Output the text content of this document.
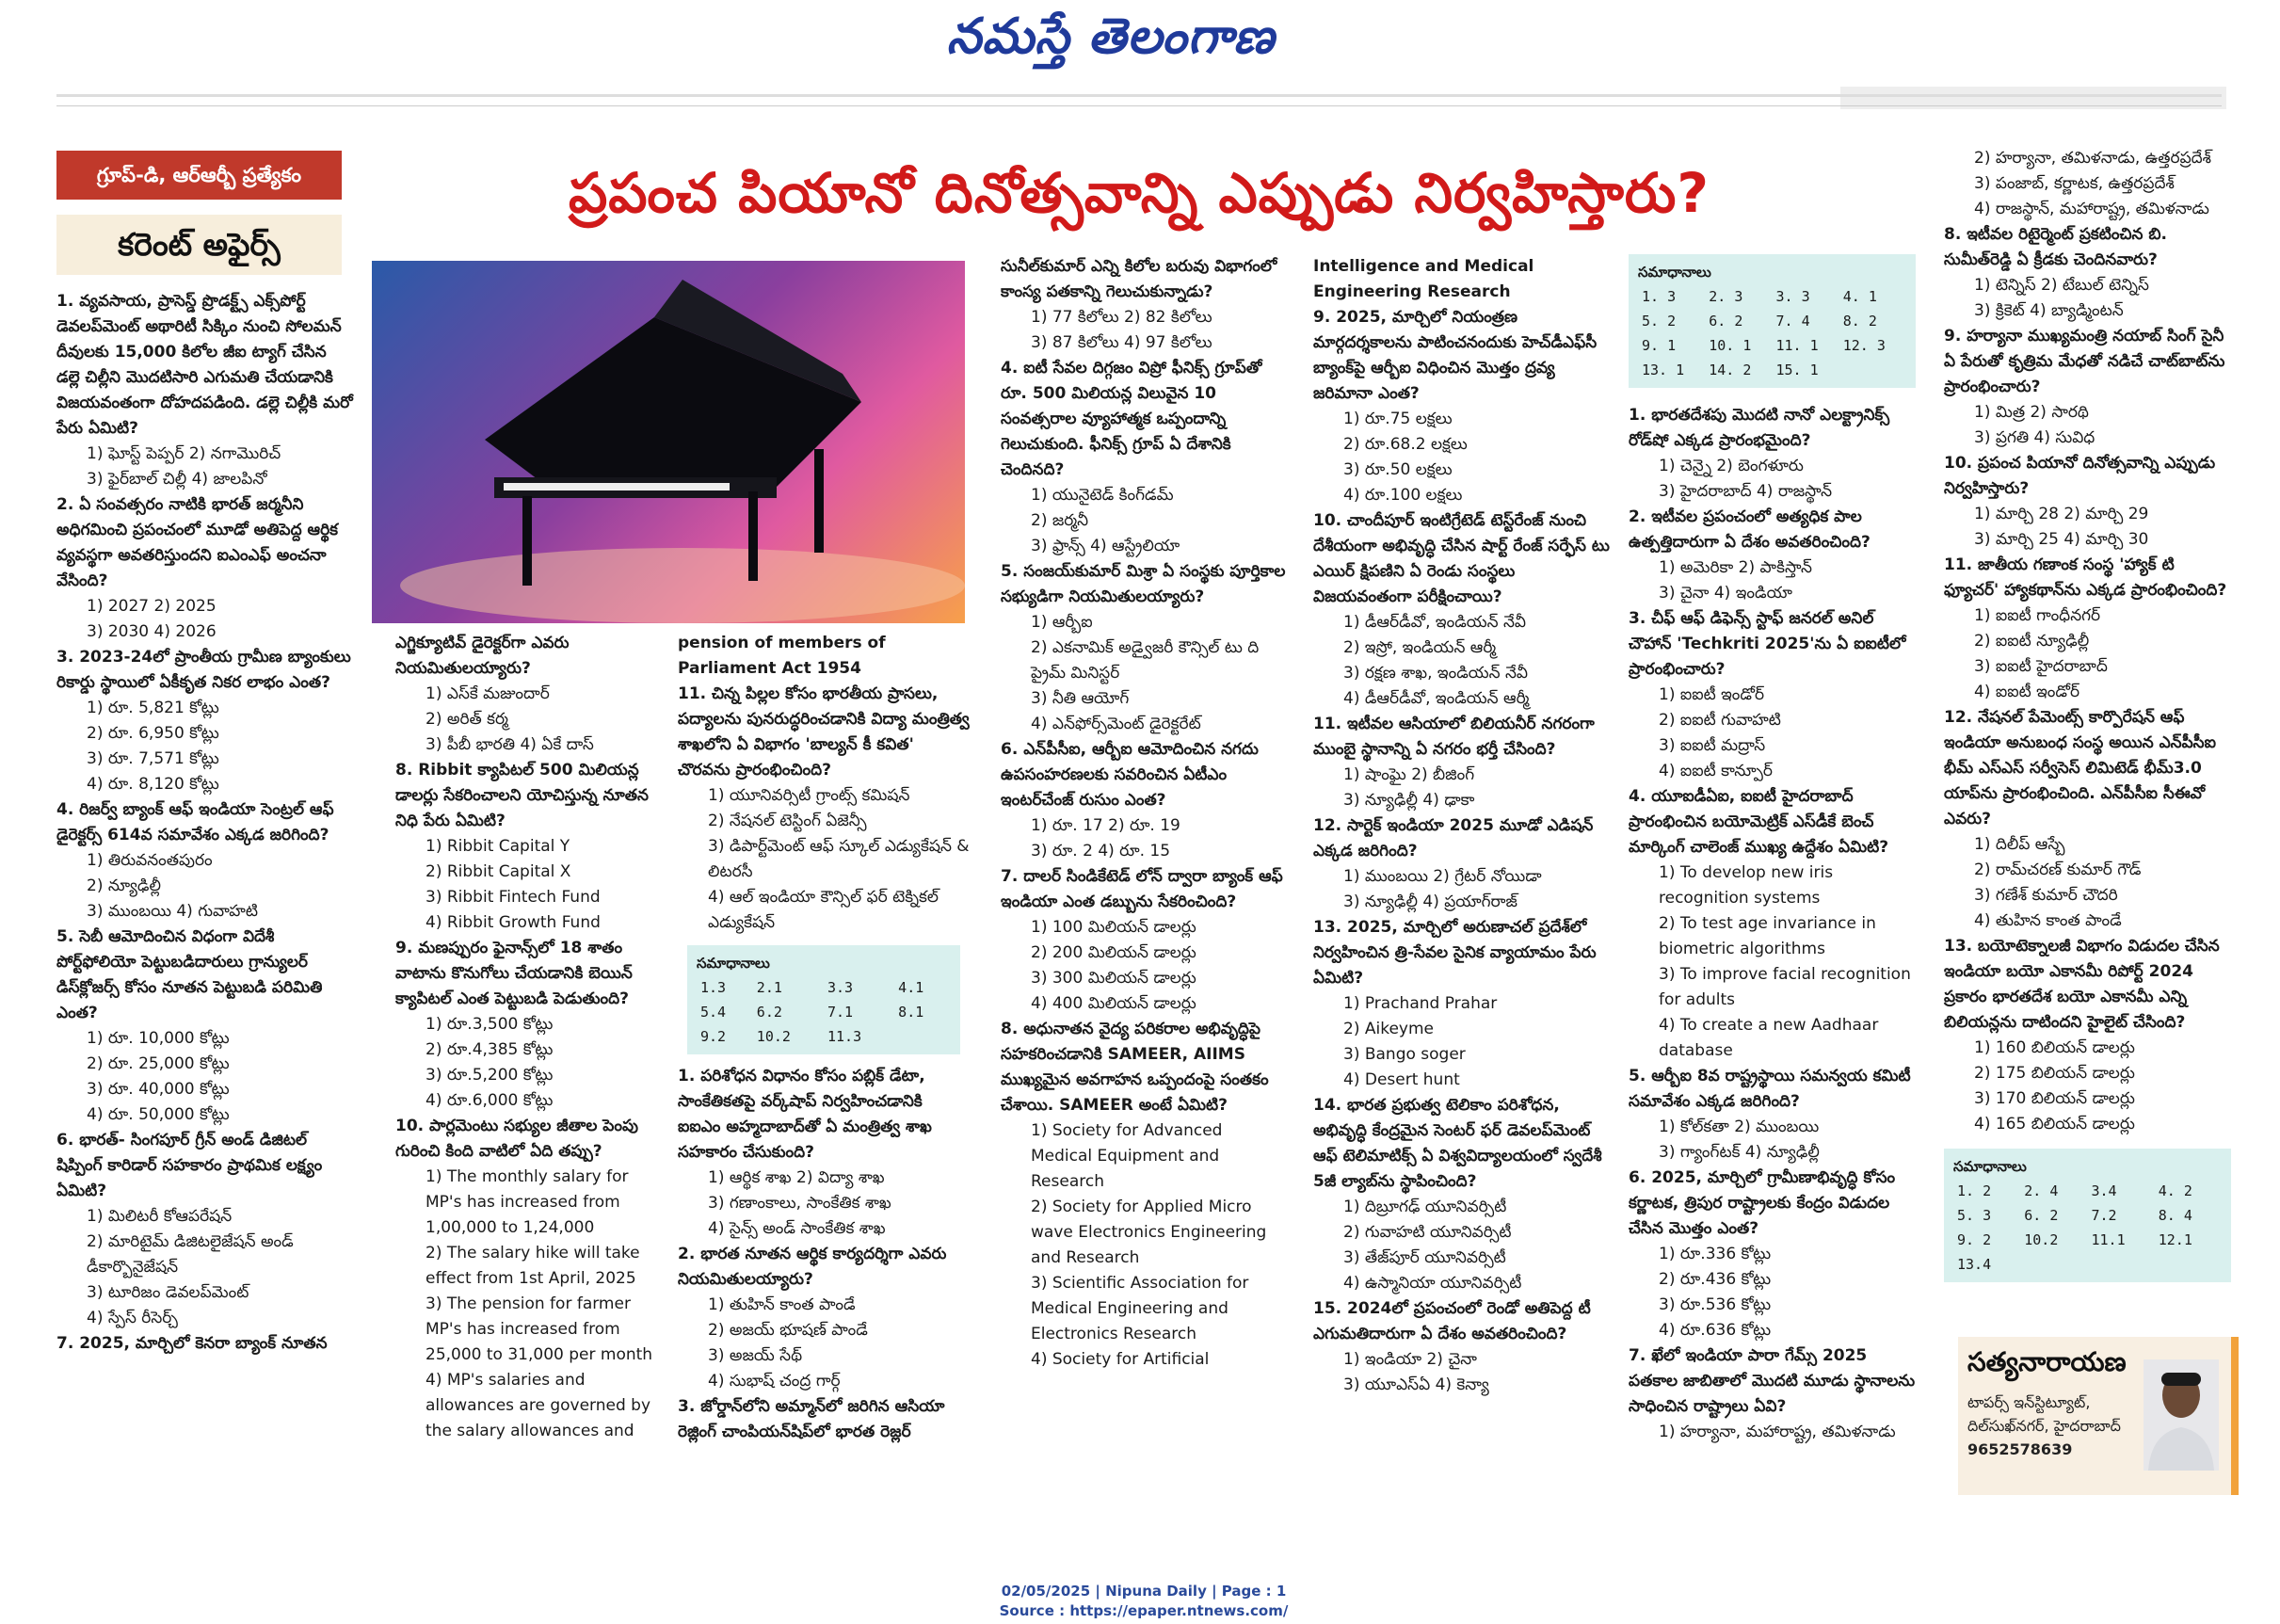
నమస్తే తెలంగాణ
గ్రూప్-డి, ఆర్ఆర్బీ ప్రత్యేకం
కరెంట్ అఫైర్స్
ప్రపంచ పియానో దినోత్సవాన్ని ఎప్పుడు నిర్వహిస్తారు?

1. వ్యవసాయ, ప్రాసెస్డ్ ప్రొడక్ట్స్ ఎక్స్‌పోర్ట్ డెవలప్‌మెంట్ అథారిటీ సిక్కిం నుంచి సోలమన్ దీవులకు 15,000 కిలోల జీఐ ట్యాగ్ చేసిన డల్లె చిల్లీని మొదటిసారి ఎగుమతి చేయడానికి విజయవంతంగా దోహదపడింది. డల్లె చిల్లీకి మరో పేరు ఏమిటి?

1) ఘోస్ట్ పెప్పర్ 2) నగామొరిచ్

3) ఫైర్‌బాల్ చిల్లీ 4) జాలపినో

2. ఏ సంవత్సరం నాటికి భారత్ జర్మనీని అధిగమించి ప్రపంచంలో మూడో అతిపెద్ద ఆర్థిక వ్యవస్థగా అవతరిస్తుందని ఐఎంఎఫ్ అంచనా వేసింది?

1) 2027 2) 2025

3) 2030 4) 2026

3. 2023-24లో ప్రాంతీయ గ్రామీణ బ్యాంకులు రికార్డు స్థాయిలో ఏకీకృత నికర లాభం ఎంత?

1) రూ. 5,821 కోట్లు

2) రూ. 6,950 కోట్లు

3) రూ. 7,571 కోట్లు

4) రూ. 8,120 కోట్లు

4. రిజర్వ్ బ్యాంక్ ఆఫ్ ఇండియా సెంట్రల్ ఆఫ్ డైరెక్టర్స్ 614వ సమావేశం ఎక్కడ జరిగింది?

1) తిరువనంతపురం

2) న్యూఢిల్లీ

3) ముంబయి 4) గువాహటి

5. సెబీ ఆమోదించిన విధంగా విదేశీ పోర్ట్‌ఫోలియో పెట్టుబడిదారులు గ్రాన్యులర్ డిస్‌క్లోజర్స్ కోసం నూతన పెట్టుబడి పరిమితి ఎంత?

1) రూ. 10,000 కోట్లు

2) రూ. 25,000 కోట్లు

3) రూ. 40,000 కోట్లు

4) రూ. 50,000 కోట్లు

6. భారత్- సింగపూర్ గ్రీన్ అండ్ డిజిటల్ షిప్పింగ్ కారిడార్ సహకారం ప్రాథమిక లక్ష్యం ఏమిటి?

1) మిలిటరీ కోఆపరేషన్

2) మారిటైమ్ డిజిటలైజేషన్ అండ్ డీకార్బొనైజేషన్

3) టూరిజం డెవలప్‌మెంట్

4) స్పేస్ రీసెర్చ్

7. 2025, మార్చిలో కెనరా బ్యాంక్ నూతన

ఎగ్జిక్యూటివ్ డైరెక్టర్‌గా ఎవరు నియమితులయ్యారు?

1) ఎస్‌కే మజుందార్

2) అరిత్ కర్మ

3) పీబీ భారతి 4) ఏకే దాస్

8. Ribbit క్యాపిటల్ 500 మిలియన్ల డాలర్లు సేకరించాలని యోచిస్తున్న నూతన నిధి పేరు ఏమిటి?

1) Ribbit Capital Y

2) Ribbit Capital X

3) Ribbit Fintech Fund

4) Ribbit Growth Fund

9. మణప్పురం ఫైనాన్స్‌లో 18 శాతం వాటాను కొనుగోలు చేయడానికి బెయిన్ క్యాపిటల్ ఎంత పెట్టుబడి పెడుతుంది?

1) రూ.3,500 కోట్లు

2) రూ.4,385 కోట్లు

3) రూ.5,200 కోట్లు

4) రూ.6,000 కోట్లు

10. పార్లమెంటు సభ్యుల జీతాల పెంపు గురించి కింది వాటిలో ఏది తప్పు?

1) The monthly salary for MP's has increased from 1,00,000 to 1,24,000

2) The salary hike will take effect from 1st April, 2025

3) The pension for farmer MP's has increased from 25,000 to 31,000 per month

4) MP's salaries and allowances are governed by the salary allowances and

pension of members of Parliament Act 1954

11. చిన్న పిల్లల కోసం భారతీయ ప్రాసలు, పద్యాలను పునరుద్ధరించడానికి విద్యా మంత్రిత్వ శాఖలోని ఏ విభాగం 'బాల్యన్ కీ కవిత' చొరవను ప్రారంభించింది?

1) యూనివర్సిటీ గ్రాంట్స్ కమిషన్

2) నేషనల్ టెస్టింగ్ ఏజెన్సీ

3) డిపార్ట్‌మెంట్ ఆఫ్ స్కూల్ ఎడ్యుకేషన్ & లిటరసీ

4) ఆల్ ఇండియా కౌన్సిల్ ఫర్ టెక్నికల్ ఎడ్యుకేషన్

సమాధానాలు
1.3	2.1	3.3	4.1
5.4	6.2	7.1	8.1
9.2	10.2	11.3	

1. పరిశోధన విధానం కోసం పబ్లిక్ డేటా, సాంకేతికతపై వర్క్‌షాప్ నిర్వహించడానికి ఐఐఎం అహ్మదాబాద్‌తో ఏ మంత్రిత్వ శాఖ సహకారం చేసుకుంది?

1) ఆర్థిక శాఖ 2) విద్యా శాఖ

3) గణాంకాలు, సాంకేతిక శాఖ

4) సైన్స్ అండ్ సాంకేతిక శాఖ

2. భారత నూతన ఆర్థిక కార్యదర్శిగా ఎవరు నియమితులయ్యారు?

1) తుహిన్ కాంత పాండే

2) అజయ్ భూషణ్ పాండే

3) అజయ్ సేథ్

4) సుభాష్ చంద్ర గార్గ్

3. జోర్డాన్‌లోని అమ్మాన్‌లో జరిగిన ఆసియా రెజ్లింగ్ చాంపియన్‌షిప్‌లో భారత రెజ్లర్

సునీల్‌కుమార్ ఎన్ని కిలోల బరువు విభాగంలో కాంస్య పతకాన్ని గెలుచుకున్నాడు?

1) 77 కిలోలు 2) 82 కిలోలు

3) 87 కిలోలు 4) 97 కిలోలు

4. ఐటీ సేవల దిగ్గజం విప్రో ఫీనిక్స్ గ్రూప్‌తో రూ. 500 మిలియన్ల విలువైన 10 సంవత్సరాల వ్యూహాత్మక ఒప్పందాన్ని గెలుచుకుంది. ఫీనిక్స్ గ్రూప్ ఏ దేశానికి చెందినది?

1) యునైటెడ్ కింగ్‌డమ్

2) జర్మనీ

3) ఫ్రాన్స్ 4) ఆస్ట్రేలియా

5. సంజయ్‌కుమార్ మిశ్రా ఏ సంస్థకు పూర్తికాల సభ్యుడిగా నియమితులయ్యారు?

1) ఆర్బీఐ

2) ఎకనామిక్ అడ్వైజరీ కౌన్సిల్ టు ది ప్రైమ్ మినిస్టర్

3) నీతి ఆయోగ్

4) ఎన్‌ఫోర్స్‌మెంట్ డైరెక్టరేట్

6. ఎన్‌పీసీఐ, ఆర్బీఐ ఆమోదించిన నగదు ఉపసంహరణలకు సవరించిన ఏటీఎం ఇంటర్‌చేంజ్ రుసుం ఎంత?

1) రూ. 17 2) రూ. 19

3) రూ. 2 4) రూ. 15

7. దాలర్ సిండికేటెడ్ లోన్ ద్వారా బ్యాంక్ ఆఫ్ ఇండియా ఎంత డబ్బును సేకరించింది?

1) 100 మిలియన్ డాలర్లు

2) 200 మిలియన్ డాలర్లు

3) 300 మిలియన్ డాలర్లు

4) 400 మిలియన్ డాలర్లు

8. అధునాతన వైద్య పరికరాల అభివృద్ధిపై సహకరించడానికి SAMEER, AIIMS ముఖ్యమైన అవగాహన ఒప్పందంపై సంతకం చేశాయి. SAMEER అంటే ఏమిటి?

1) Society for Advanced Medical Equipment and Research

2) Society for Applied Micro wave Electronics Engineering and Research

3) Scientific Association for Medical Engineering and Electronics Research

4) Society for Artificial

Intelligence and Medical Engineering Research

9. 2025, మార్చిలో నియంత్రణ మార్గదర్శకాలను పాటించనందుకు హెచ్‌డీఎఫ్‌సీ బ్యాంక్‌పై ఆర్బీఐ విధించిన మొత్తం ద్రవ్య జరిమానా ఎంత?

1) రూ.75 లక్షలు

2) రూ.68.2 లక్షలు

3) రూ.50 లక్షలు

4) రూ.100 లక్షలు

10. చాందీపూర్ ఇంటిగ్రేటెడ్ టెస్ట్‌రేంజ్ నుంచి దేశీయంగా అభివృద్ధి చేసిన షార్ట్ రేంజ్ సర్ఫేస్ టు ఎయిర్ క్షిపణిని ఏ రెండు సంస్థలు విజయవంతంగా పరీక్షించాయి?

1) డీఆర్‌డీవో, ఇండియన్ నేవీ

2) ఇస్రో, ఇండియన్ ఆర్మీ

3) రక్షణ శాఖ, ఇండియన్ నేవీ

4) డీఆర్‌డీవో, ఇండియన్ ఆర్మీ

11. ఇటీవల ఆసియాలో బిలియనీర్ నగరంగా ముంబై స్థానాన్ని ఏ నగరం భర్తీ చేసింది?

1) షాంఘై 2) బీజింగ్

3) న్యూఢిల్లీ 4) ఢాకా

12. సార్టెక్ ఇండియా 2025 మూడో ఎడిషన్ ఎక్కడ జరిగింది?

1) ముంబయి 2) గ్రేటర్ నోయిడా

3) న్యూఢిల్లీ 4) ప్రయాగ్‌రాజ్

13. 2025, మార్చిలో అరుణాచల్ ప్రదేశ్‌లో నిర్వహించిన త్రి-సేవల సైనిక వ్యాయామం పేరు ఏమిటి?

1) Prachand Prahar

2) Aikeyme

3) Bango soger

4) Desert hunt

14. భారత ప్రభుత్వ టెలికాం పరిశోధన, అభివృద్ధి కేంద్రమైన సెంటర్ ఫర్ డెవలప్‌మెంట్ ఆఫ్ టెలిమాటిక్స్ ఏ విశ్వవిద్యాలయంలో స్వదేశీ 5జీ ల్యాబ్‌ను స్థాపించింది?

1) దిబ్రూగఢ్ యూనివర్సిటీ

2) గువాహటి యూనివర్సిటీ

3) తేజ్‌పూర్ యూనివర్సిటీ

4) ఉస్మానియా యూనివర్సిటీ

15. 2024లో ప్రపంచంలో రెండో అతిపెద్ద టీ ఎగుమతిదారుగా ఏ దేశం అవతరించింది?

1) ఇండియా 2) చైనా

3) యూఎస్‌ఏ 4) కెన్యా

సమాధానాలు
1. 3	2. 3	3. 3	4. 1
5. 2	6. 2	7. 4	8. 2
9. 1	10. 1	11. 1	12. 3
13. 1	14. 2	15. 1	

1. భారతదేశపు మొదటి నానో ఎలక్ట్రానిక్స్ రోడ్‌షో ఎక్కడ ప్రారంభమైంది?

1) చెన్నై 2) బెంగళూరు

3) హైదరాబాద్ 4) రాజస్థాన్

2. ఇటీవల ప్రపంచంలో అత్యధిక పాల ఉత్పత్తిదారుగా ఏ దేశం అవతరించింది?

1) అమెరికా 2) పాకిస్తాన్

3) చైనా 4) ఇండియా

3. చీఫ్ ఆఫ్ డిఫెన్స్ స్టాఫ్ జనరల్ అనిల్ చౌహాన్ 'Techkriti 2025'ను ఏ ఐఐటీలో ప్రారంభించారు?

1) ఐఐటీ ఇండోర్

2) ఐఐటీ గువాహటి

3) ఐఐటీ మద్రాస్

4) ఐఐటీ కాన్పూర్

4. యూఐడీఏఐ, ఐఐటీ హైదరాబాద్ ప్రారంభించిన బయోమెట్రిక్ ఎస్‌డీకే బెంచ్ మార్కింగ్ చాలెంజ్ ముఖ్య ఉద్దేశం ఏమిటి?

1) To develop new iris recognition systems

2) To test age invariance in biometric algorithms

3) To improve facial recognition for adults

4) To create a new Aadhaar database

5. ఆర్బీఐ 8వ రాష్ట్రస్థాయి సమన్వయ కమిటీ సమావేశం ఎక్కడ జరిగింది?

1) కోల్‌కతా 2) ముంబయి

3) గ్యాంగ్‌టక్ 4) న్యూఢిల్లీ

6. 2025, మార్చిలో గ్రామీణాభివృద్ధి కోసం కర్ణాటక, త్రిపుర రాష్ట్రాలకు కేంద్రం విడుదల చేసిన మొత్తం ఎంత?

1) రూ.336 కోట్లు

2) రూ.436 కోట్లు

3) రూ.536 కోట్లు

4) రూ.636 కోట్లు

7. ఖేలో ఇండియా పారా గేమ్స్ 2025 పతకాల జాబితాలో మొదటి మూడు స్థానాలను సాధించిన రాష్ట్రాలు ఏవి?

1) హర్యానా, మహారాష్ట్ర, తమిళనాడు

2) హర్యానా, తమిళనాడు, ఉత్తరప్రదేశ్

3) పంజాబ్, కర్ణాటక, ఉత్తరప్రదేశ్

4) రాజస్థాన్, మహారాష్ట్ర, తమిళనాడు

8. ఇటీవల రిటైర్మెంట్ ప్రకటించిన బి. సుమీత్‌రెడ్డి ఏ క్రీడకు చెందినవారు?

1) టెన్నిస్ 2) టేబుల్ టెన్నిస్

3) క్రికెట్ 4) బ్యాడ్మింటన్

9. హర్యానా ముఖ్యమంత్రి నయాబ్ సింగ్ సైనీ ఏ పేరుతో కృత్రిమ మేధతో నడిచే చాట్‌బాట్‌ను ప్రారంభించారు?

1) మిత్ర 2) సారథి

3) ప్రగతి 4) సువిధ

10. ప్రపంచ పియానో దినోత్సవాన్ని ఎప్పుడు నిర్వహిస్తారు?

1) మార్చి 28 2) మార్చి 29

3) మార్చి 25 4) మార్చి 30

11. జాతీయ గణాంక సంస్థ 'హ్యాక్ టి ఫ్యూచర్' హ్యాకథాన్‌ను ఎక్కడ ప్రారంభించింది?

1) ఐఐటీ గాంధీనగర్

2) ఐఐటీ న్యూఢిల్లీ

3) ఐఐటీ హైదరాబాద్

4) ఐఐటీ ఇండోర్

12. నేషనల్ పేమెంట్స్ కార్పొరేషన్ ఆఫ్ ఇండియా అనుబంధ సంస్థ అయిన ఎన్‌పీసీఐ భీమ్‌ ఎస్‌ఎస్ సర్వీసెస్ లిమిటెడ్ భీమ్3.0 యాప్‌ను ప్రారంభించింది. ఎన్‌పీసీఐ సీఈవో ఎవరు?

1) దిలీప్ ఆస్బే

2) రామ్‌చరణ్ కుమార్ గౌడ్

3) గణేశ్ కుమార్ చౌదరి

4) తుహిన కాంత పాండే

13. బయోటెక్నాలజీ విభాగం విడుదల చేసిన ఇండియా బయో ఎకానమీ రిపోర్ట్ 2024 ప్రకారం భారతదేశ బయో ఎకానమీ ఎన్ని బిలియన్లను దాటిందని హైలైట్ చేసింది?

1) 160 బిలియన్ డాలర్లు

2) 175 బిలియన్ డాలర్లు

3) 170 బిలియన్ డాలర్లు

4) 165 బిలియన్ డాలర్లు

సమాధానాలు
1. 2	2. 4	3.4	4. 2
5. 3	6. 2	7.2	8. 4
9. 2	10.2	11.1	12.1
13.4			
సత్యనారాయణ
టాపర్స్ ఇన్‌స్టిట్యూట్,
దిల్‌సుఖ్‌నగర్, హైదరాబాద్
9652578639
02/05/2025 | Nipuna Daily | Page : 1
Source : https://epaper.ntnews.com/
